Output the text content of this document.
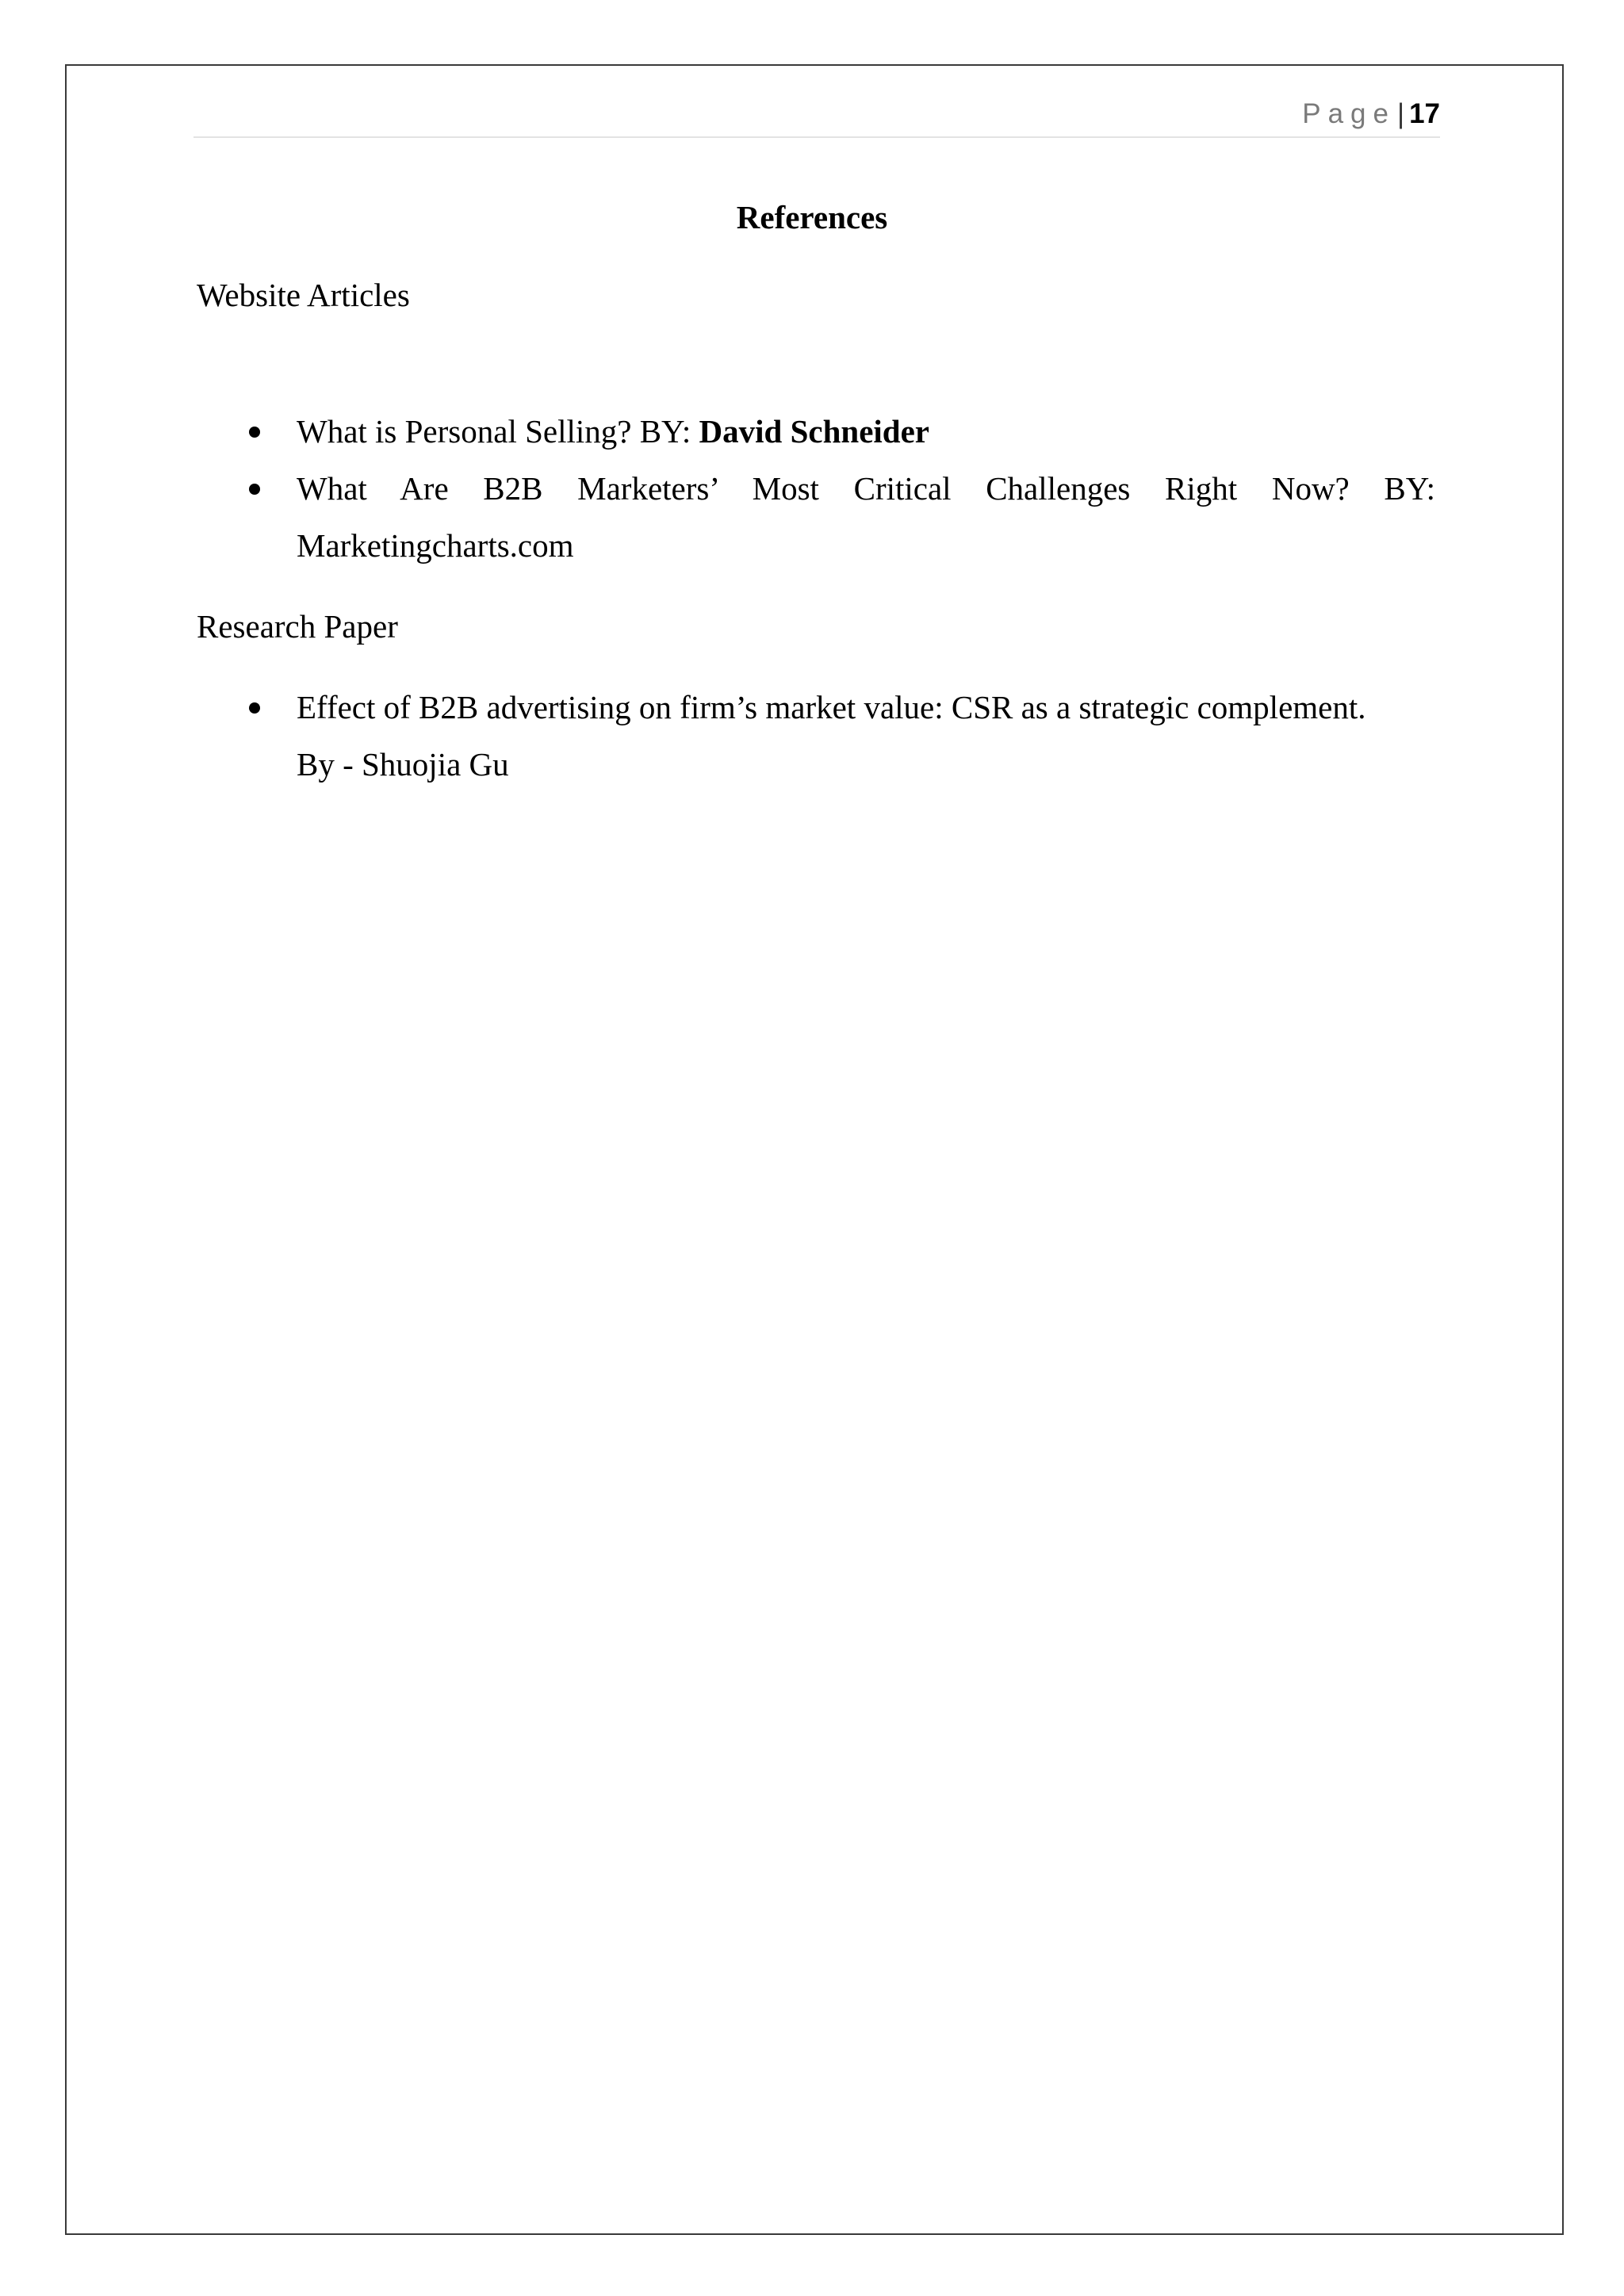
Page| 17
References
Website Articles
What is Personal Selling? BY: David Schneider
What Are B2B Marketers’ Most Critical Challenges Right Now? BY:
Marketingcharts.com
Research Paper
Effect of B2B advertising on firm’s market value: CSR as a strategic complement.
By - Shuojia Gu
